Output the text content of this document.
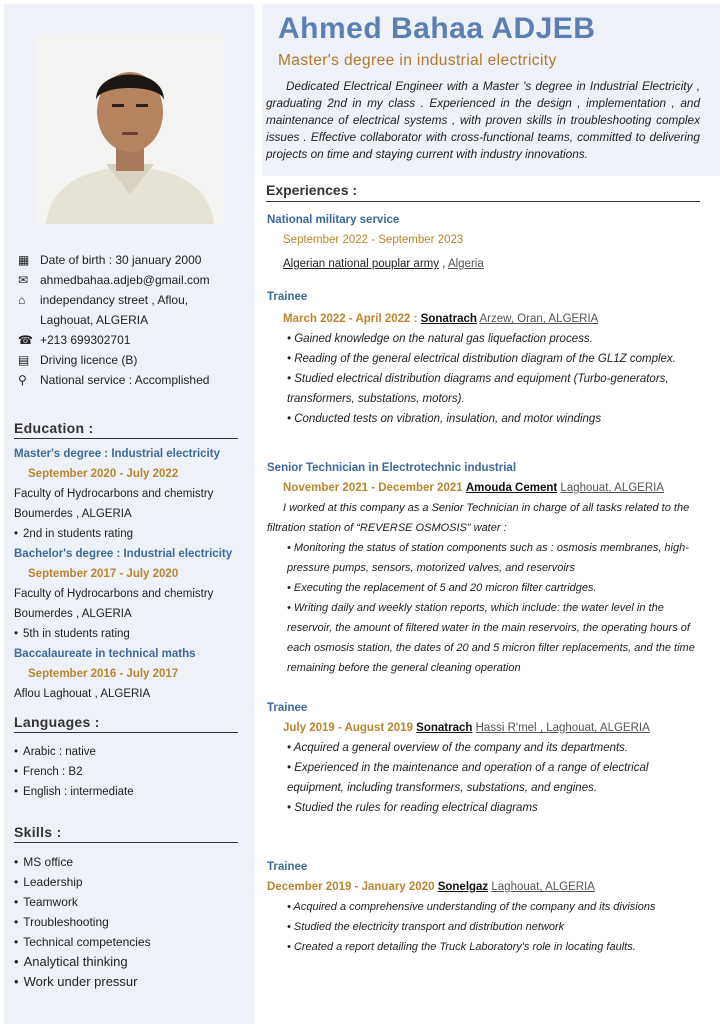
▦ Date of birth : 30 january 2000
✉ ahmedbahaa.adjeb@gmail.com
⌂	independancy street , Aflou,
Laghouat, ALGERIA
☎ +213 699302701
▤ Driving licence (B)
⚲	National service : Accomplished
Education :
Master's degree : Industrial electricity
September 2020 - July 2022
Faculty of Hydrocarbons and chemistry
Boumerdes , ALGERIA
• 2nd in students rating
Bachelor's degree : Industrial electricity
September 2017 - July 2020
Faculty of Hydrocarbons and chemistry
Boumerdes , ALGERIA
• 5th in students rating
Baccalaureate in technical maths
September 2016 - July 2017
Aflou Laghouat , ALGERIA
Languages :
• Arabic : native
• French : B2
• English : intermediate
Skills :
• MS office
• Leadership
• Teamwork
• Troubleshooting
• Technical competencies
• Analytical thinking
• Work under pressur
Ahmed Bahaa ADJEB
Master's degree in industrial electricity
Dedicated Electrical Engineer with a Master 's degree in Industrial Electricity , graduating 2nd in my class . Experienced in the design , implementation , and maintenance of electrical systems , with proven skills in troubleshooting complex issues . Effective collaborator with cross-functional teams, committed to delivering projects on time and staying current with industry innovations.
Experiences :
National military service
September 2022 - September 2023
Algerian national pouplar army , Algeria
Trainee
March 2022 - April 2022 : Sonatrach Arzew, Oran, ALGERIA
• Gained knowledge on the natural gas liquefaction process.
• Reading of the general electrical distribution diagram of the GL1Z complex.
• Studied electrical distribution diagrams and equipment (Turbo-generators, transformers, substations, motors).
• Conducted tests on vibration, insulation, and motor windings
Senior Technician in Electrotechnic industrial
November 2021 - December 2021 Amouda Cement Laghouat, ALGERIA
I worked at this company as a Senior Technician in charge of all tasks related to the filtration station of “REVERSE OSMOSIS” water :
• Monitoring the status of station components such as : osmosis membranes, high-pressure pumps, sensors, motorized valves, and reservoirs
• Executing the replacement of 5 and 20 micron filter cartridges.
• Writing daily and weekly station reports, which include: the water level in the reservoir, the amount of filtered water in the main reservoirs, the operating hours of each osmosis station, the dates of 20 and 5 micron filter replacements, and the time remaining before the general cleaning operation
Trainee
July 2019 - August 2019 Sonatrach Hassi R'mel , Laghouat, ALGERIA
• Acquired a general overview of the company and its departments.
• Experienced in the maintenance and operation of a range of electrical equipment, including transformers, substations, and engines.
• Studied the rules for reading electrical diagrams
Trainee
December 2019 - January 2020 Sonelgaz Laghouat, ALGERIA
• Acquired a comprehensive understanding of the company and its divisions
• Studied the electricity transport and distribution network
• Created a report detailing the Truck Laboratory's role in locating faults.
